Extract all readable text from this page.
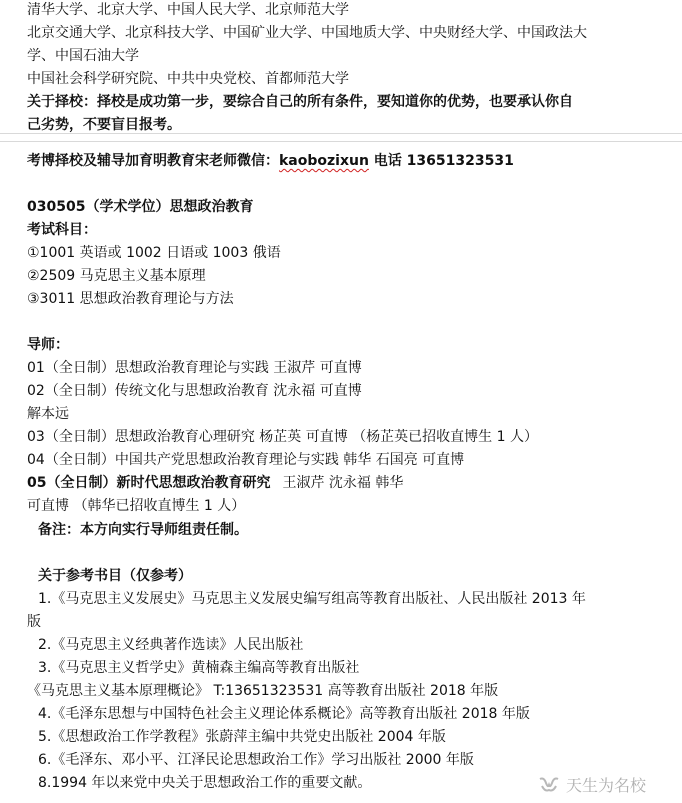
清华大学、北京大学、中国人民大学、北京师范大学
北京交通大学、北京科技大学、中国矿业大学、中国地质大学、中央财经大学、中国政法大
学、中国石油大学
中国社会科学研究院、中共中央党校、首都师范大学
关于择校：择校是成功第一步，要综合自己的所有条件，要知道你的优势，也要承认你自
己劣势，不要盲目报考。
考博择校及辅导加育明教育宋老师微信：kaobozixun 电话 13651323531
030505（学术学位）思想政治教育
考试科目：
①1001 英语或 1002 日语或 1003 俄语
②2509 马克思主义基本原理
③3011 思想政治教育理论与方法
导师：
01（全日制）思想政治教育理论与实践 王淑芹 可直博
02（全日制）传统文化与思想政治教育 沈永福 可直博
解本远
03（全日制）思想政治教育心理研究 杨芷英 可直博 （杨芷英已招收直博生 1 人）
04（全日制）中国共产党思想政治教育理论与实践 韩华 石国亮 可直博
05（全日制）新时代思想政治教育研究 王淑芹 沈永福 韩华
可直博 （韩华已招收直博生 1 人）
备注：本方向实行导师组责任制。
关于参考书目（仅参考）
1.《马克思主义发展史》马克思主义发展史编写组高等教育出版社、人民出版社 2013 年
版
2.《马克思主义经典著作选读》人民出版社
3.《马克思主义哲学史》黄楠森主编高等教育出版社
《马克思主义基本原理概论》 T:13651323531 高等教育出版社 2018 年版
4.《毛泽东思想与中国特色社会主义理论体系概论》高等教育出版社 2018 年版
5.《思想政治工作学教程》张蔚萍主编中共党史出版社 2004 年版
6.《毛泽东、邓小平、江泽民论思想政治工作》学习出版社 2000 年版
8.1994 年以来党中央关于思想政治工作的重要文献。	天生为名校
